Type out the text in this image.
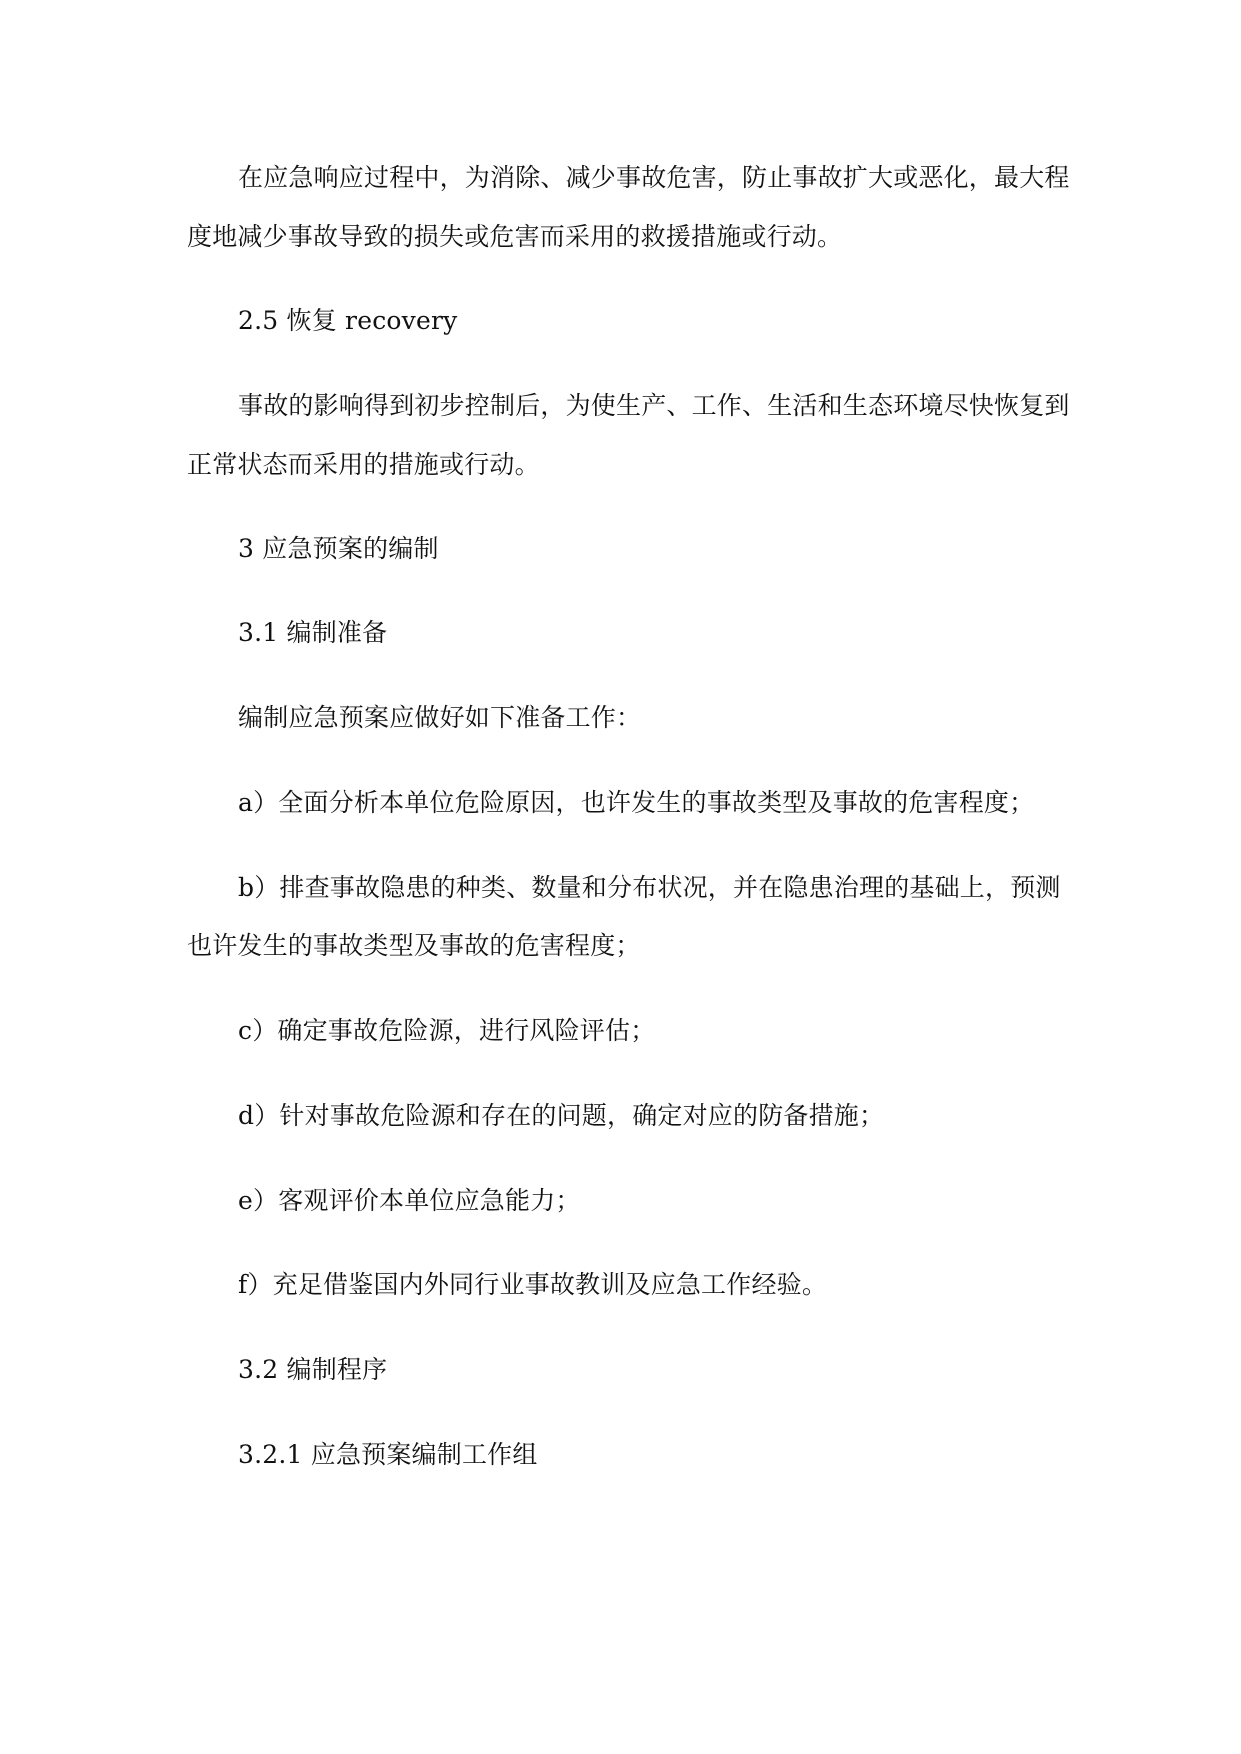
在应急响应过程中，为消除、减少事故危害，防止事故扩大或恶化，最大程
度地减少事故导致的损失或危害而采用的救援措施或行动。
2.5 恢复 recovery
事故的影响得到初步控制后，为使生产、工作、生活和生态环境尽快恢复到
正常状态而采用的措施或行动。
3 应急预案的编制
3.1 编制准备
编制应急预案应做好如下准备工作：
a）全面分析本单位危险原因，也许发生的事故类型及事故的危害程度；
b）排查事故隐患的种类、数量和分布状况，并在隐患治理的基础上，预测
也许发生的事故类型及事故的危害程度；
c）确定事故危险源，进行风险评估；
d）针对事故危险源和存在的问题，确定对应的防备措施；
e）客观评价本单位应急能力；
f）充足借鉴国内外同行业事故教训及应急工作经验。
3.2 编制程序
3.2.1 应急预案编制工作组
